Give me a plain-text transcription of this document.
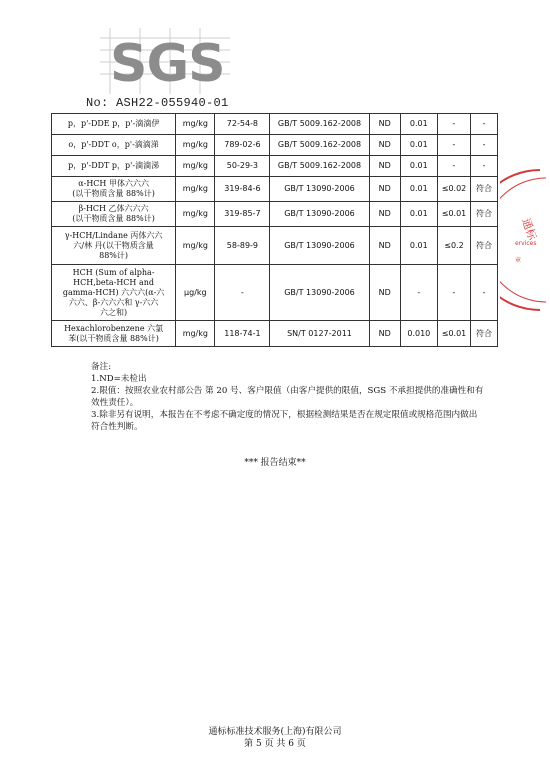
SGS
No: ASH22-055940-01
通标
ervices
章
p，p'-DDE p，p'-滴滴伊	mg/kg	72-54-8	GB/T 5009.162-2008	ND	0.01	-	-
o，p'-DDT o，p'-滴滴涕	mg/kg	789-02-6	GB/T 5009.162-2008	ND	0.01	-	-
p，p'-DDT p，p'-滴滴涕	mg/kg	50-29-3	GB/T 5009.162-2008	ND	0.01	-	-
α-HCH 甲体六六六
(以干物质含量 88%计)	mg/kg	319-84-6	GB/T 13090-2006	ND	0.01	≤0.02	符合
β-HCH 乙体六六六
(以干物质含量 88%计)	mg/kg	319-85-7	GB/T 13090-2006	ND	0.01	≤0.01	符合
γ-HCH/Lindane 丙体六六
六/林 丹(以干物质含量
88%计)	mg/kg	58-89-9	GB/T 13090-2006	ND	0.01	≤0.2	符合
HCH (Sum of alpha-
HCH,beta-HCH and
gamma-HCH) 六六六(α-六
六六、β-六六六和 γ-六六
六之和)	μg/kg	-	GB/T 13090-2006	ND	-	-	-
Hexachlorobenzene 六氯
苯(以干物质含量 88%计)	mg/kg	118-74-1	SN/T 0127-2011	ND	0.010	≤0.01	符合
备注:
1.ND=未检出
2.限值：按照农业农村部公告 第 20 号、客户限值（由客户提供的限值，SGS 不承担提供的准确性和有
效性责任）。
3.除非另有说明，本报告在不考虑不确定度的情况下，根据检测结果是否在规定限值或规格范围内做出
符合性判断。
*** 报告结束**
通标标准技术服务(上海)有限公司
第 5 页 共 6 页
